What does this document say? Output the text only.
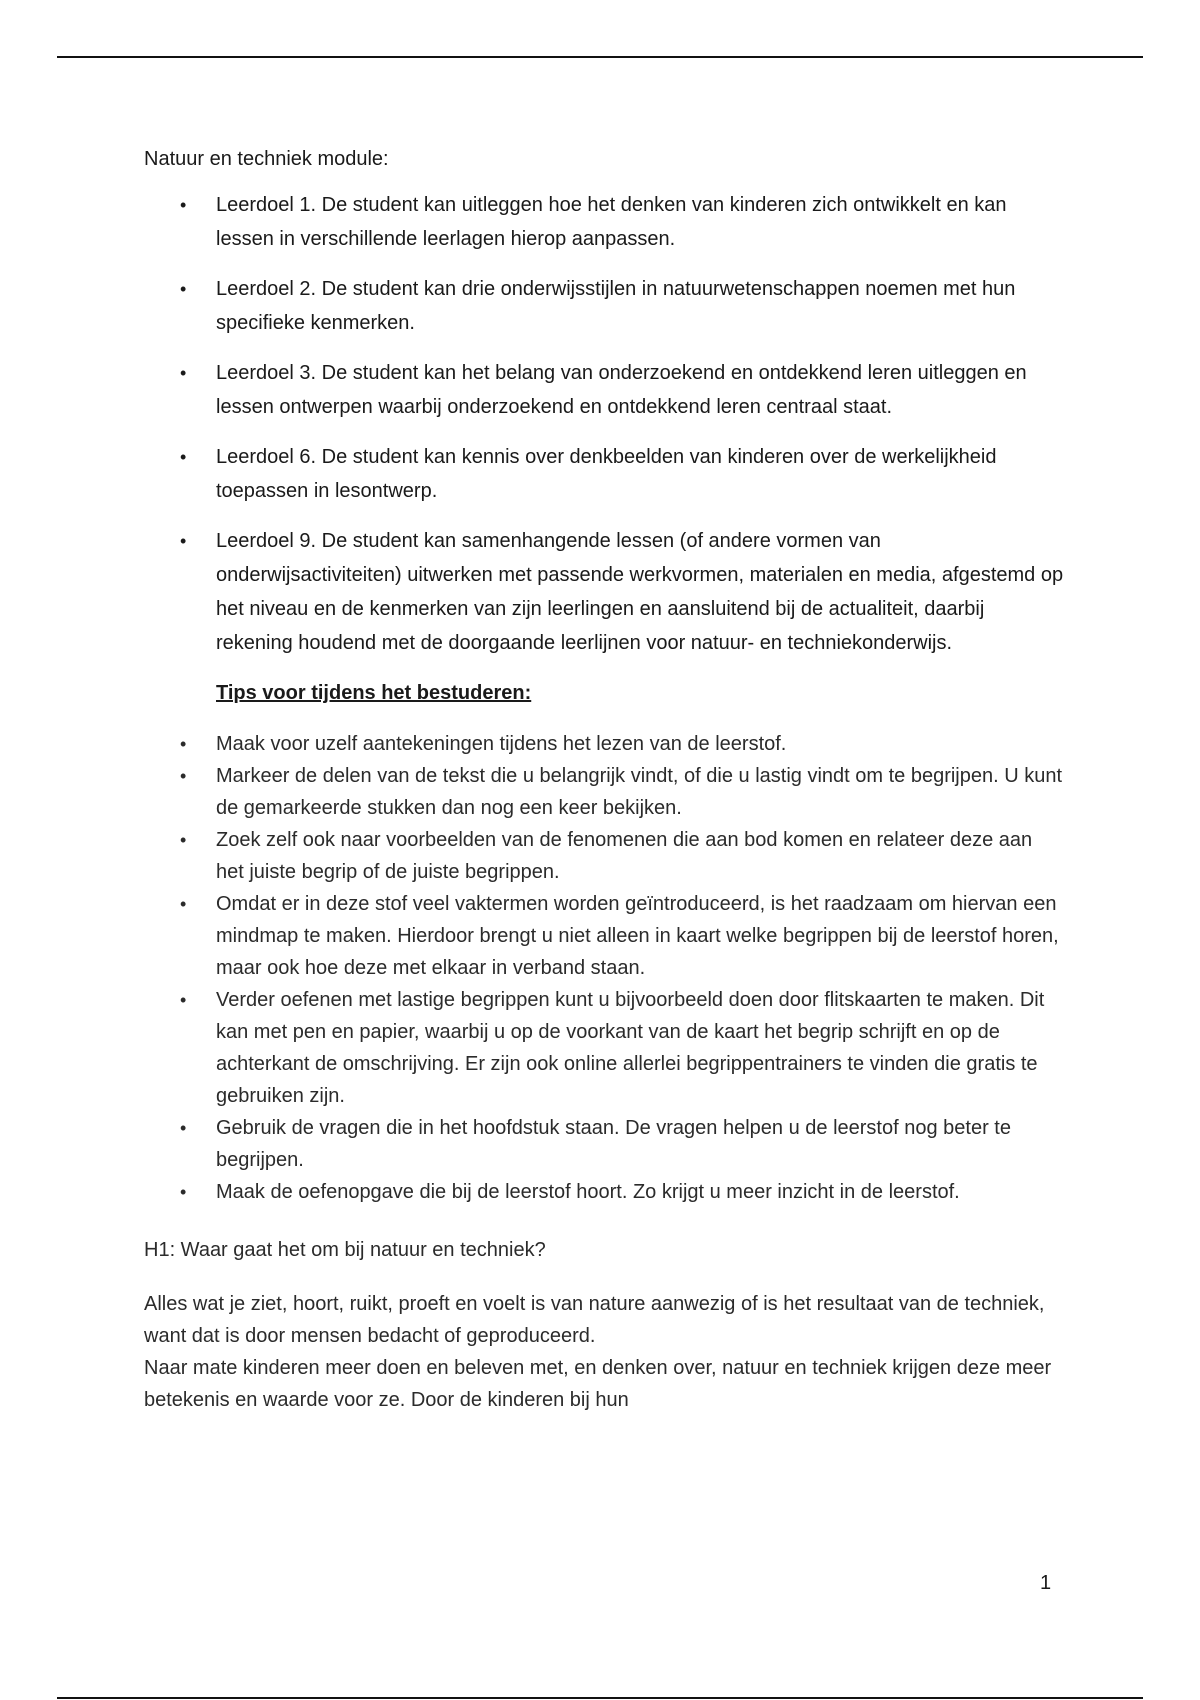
Natuur en techniek module:

• Leerdoel 1. De student kan uitleggen hoe het denken van kinderen zich ontwikkelt en kan lessen in verschillende leerlagen hierop aanpassen.
• Leerdoel 2. De student kan drie onderwijsstijlen in natuurwetenschappen noemen met hun specifieke kenmerken.
• Leerdoel 3. De student kan het belang van onderzoekend en ontdekkend leren uitleggen en lessen ontwerpen waarbij onderzoekend en ontdekkend leren centraal staat.
• Leerdoel 6. De student kan kennis over denkbeelden van kinderen over de werkelijkheid toepassen in lesontwerp.
• Leerdoel 9. De student kan samenhangende lessen (of andere vormen van onderwijsactiviteiten) uitwerken met passende werkvormen, materialen en media, afgestemd op het niveau en de kenmerken van zijn leerlingen en aansluitend bij de actualiteit, daarbij rekening houdend met de doorgaande leerlijnen voor natuur- en techniekonderwijs.

Tips voor tijdens het bestuderen:

• Maak voor uzelf aantekeningen tijdens het lezen van de leerstof.
• Markeer de delen van de tekst die u belangrijk vindt, of die u lastig vindt om te begrijpen. U kunt de gemarkeerde stukken dan nog een keer bekijken.
• Zoek zelf ook naar voorbeelden van de fenomenen die aan bod komen en relateer deze aan het juiste begrip of de juiste begrippen.
• Omdat er in deze stof veel vaktermen worden geïntroduceerd, is het raadzaam om hiervan een mindmap te maken. Hierdoor brengt u niet alleen in kaart welke begrippen bij de leerstof horen, maar ook hoe deze met elkaar in verband staan.
• Verder oefenen met lastige begrippen kunt u bijvoorbeeld doen door flitskaarten te maken. Dit kan met pen en papier, waarbij u op de voorkant van de kaart het begrip schrijft en op de achterkant de omschrijving. Er zijn ook online allerlei begrippentrainers te vinden die gratis te gebruiken zijn.
• Gebruik de vragen die in het hoofdstuk staan. De vragen helpen u de leerstof nog beter te begrijpen.
• Maak de oefenopgave die bij de leerstof hoort. Zo krijgt u meer inzicht in de leerstof.

H1: Waar gaat het om bij natuur en techniek?

Alles wat je ziet, hoort, ruikt, proeft en voelt is van nature aanwezig of is het resultaat van de techniek, want dat is door mensen bedacht of geproduceerd.

Naar mate kinderen meer doen en beleven met, en denken over, natuur en techniek krijgen deze meer betekenis en waarde voor ze. Door de kinderen bij hun

1
